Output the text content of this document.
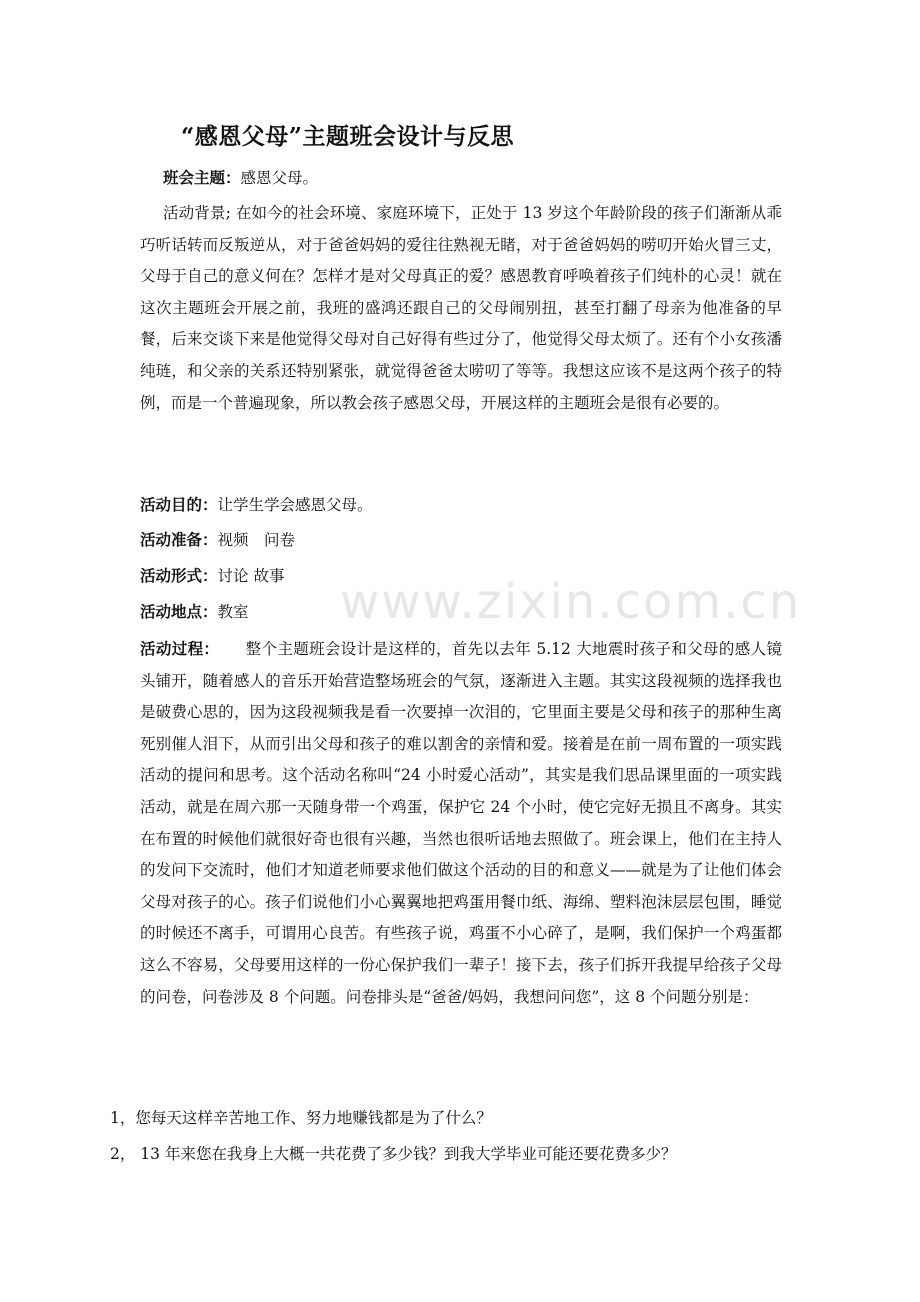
“感恩父母”主题班会设计与反思
班会主题：感恩父母。
活动背景; 在如今的社会环境、家庭环境下，正处于 13 岁这个年龄阶段的孩子们渐渐从乖巧听话转而反叛逆从，对于爸爸妈妈的爱往往熟视无睹，对于爸爸妈妈的唠叨开始火冒三丈，父母于自己的意义何在？怎样才是对父母真正的爱？感恩教育呼唤着孩子们纯朴的心灵！就在这次主题班会开展之前，我班的盛鸿还跟自己的父母闹别扭，甚至打翻了母亲为他准备的早餐，后来交谈下来是他觉得父母对自己好得有些过分了，他觉得父母太烦了。还有个小女孩潘纯琏，和父亲的关系还特别紧张，就觉得爸爸太唠叨了等等。我想这应该不是这两个孩子的特例，而是一个普遍现象，所以教会孩子感恩父母，开展这样的主题班会是很有必要的。
活动目的：让学生学会感恩父母。
活动准备：视频　问卷
活动形式：讨论 故事
活动地点：教室
活动过程： 整个主题班会设计是这样的，首先以去年 5.12 大地震时孩子和父母的感人镜头铺开，随着感人的音乐开始营造整场班会的气氛，逐渐进入主题。其实这段视频的选择我也是破费心思的，因为这段视频我是看一次要掉一次泪的，它里面主要是父母和孩子的那种生离死别催人泪下，从而引出父母和孩子的难以割舍的亲情和爱。接着是在前一周布置的一项实践活动的提问和思考。这个活动名称叫“24 小时爱心活动”，其实是我们思品课里面的一项实践活动，就是在周六那一天随身带一个鸡蛋，保护它 24 个小时，使它完好无损且不离身。其实在布置的时候他们就很好奇也很有兴趣，当然也很听话地去照做了。班会课上，他们在主持人的发问下交流时，他们才知道老师要求他们做这个活动的目的和意义——就是为了让他们体会父母对孩子的心。孩子们说他们小心翼翼地把鸡蛋用餐巾纸、海绵、塑料泡沫层层包围，睡觉的时候还不离手，可谓用心良苦。有些孩子说，鸡蛋不小心碎了，是啊，我们保护一个鸡蛋都这么不容易，父母要用这样的一份心保护我们一辈子！接下去，孩子们拆开我提早给孩子父母的问卷，问卷涉及 8 个问题。问卷排头是“爸爸/妈妈，我想问问您”，这 8 个问题分别是：
1，您每天这样辛苦地工作、努力地赚钱都是为了什么？
2， 13 年来您在我身上大概一共花费了多少钱？到我大学毕业可能还要花费多少？
www.zixin.com.cn
